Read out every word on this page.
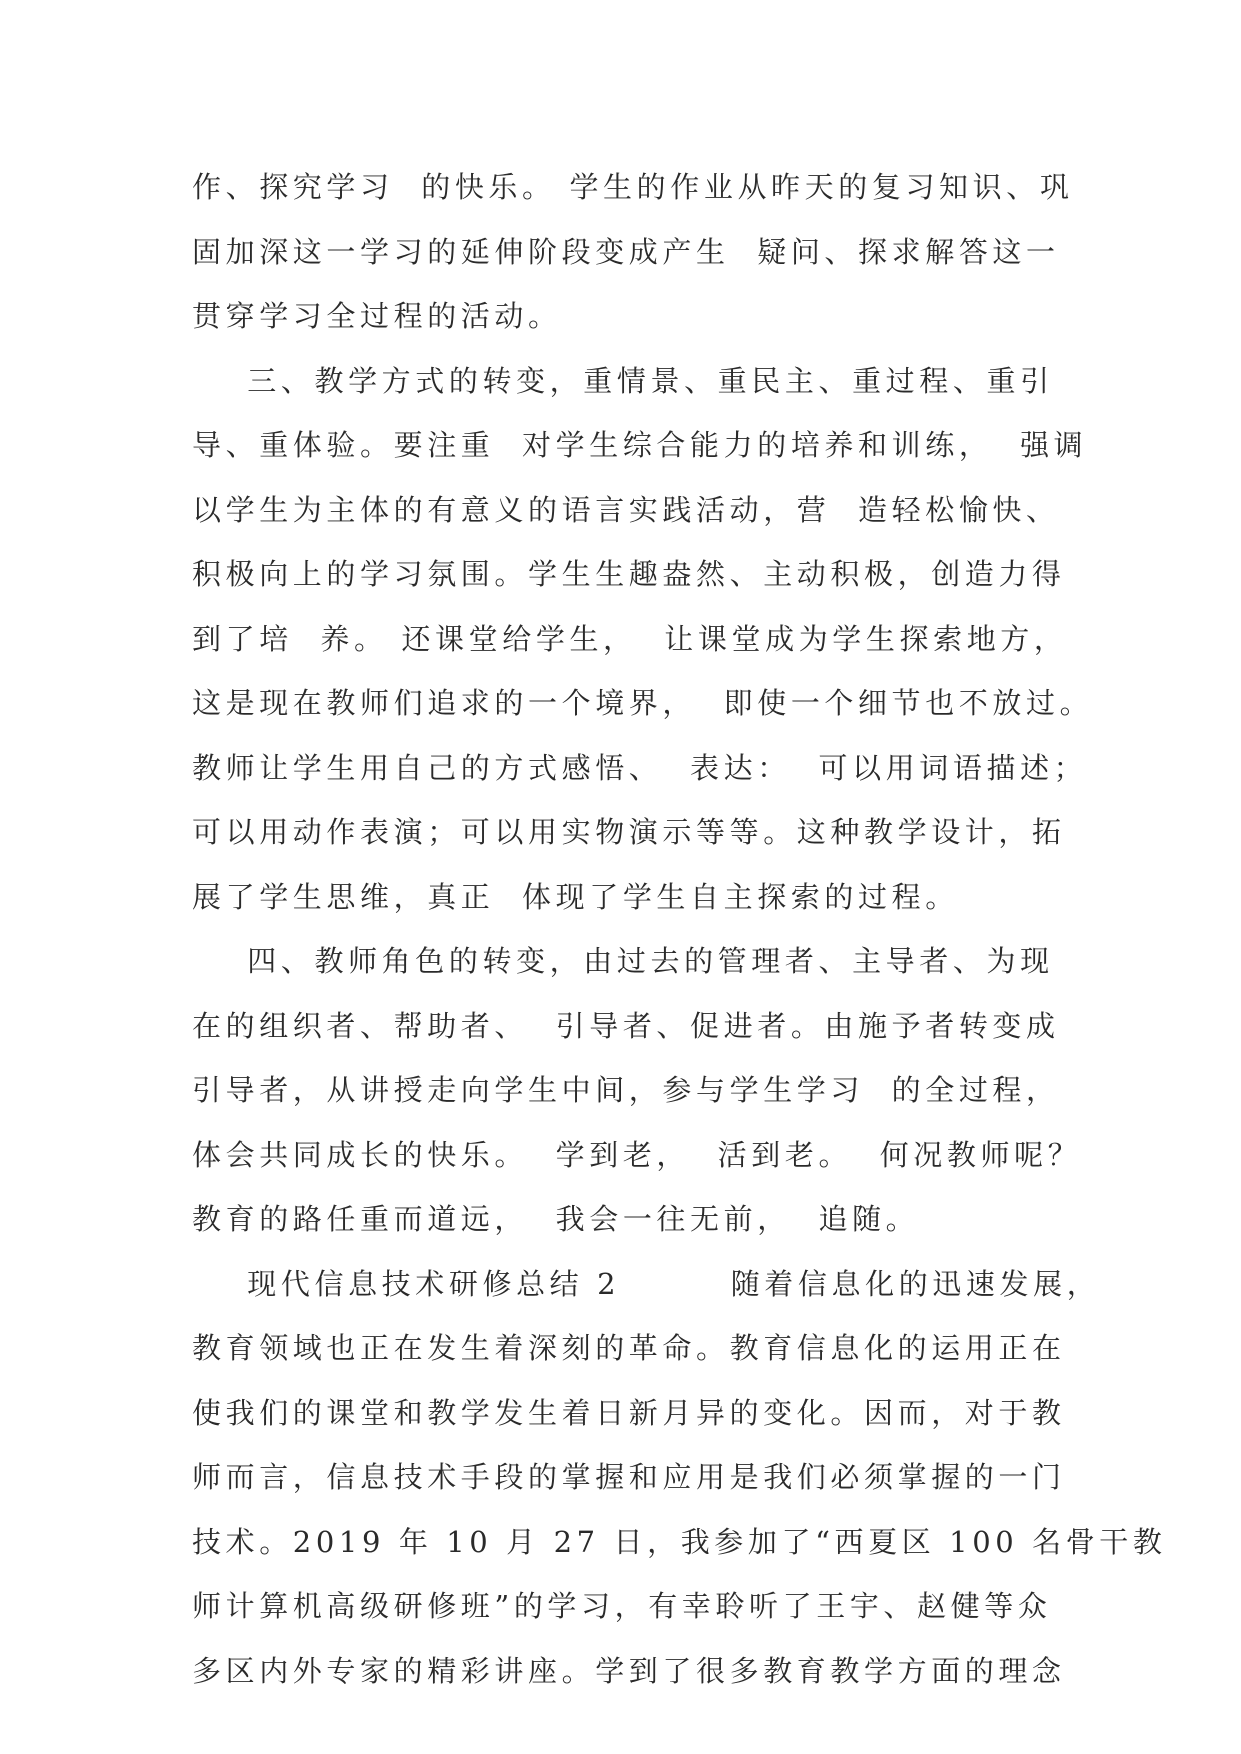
作、探究学习  的快乐。 学生的作业从昨天的复习知识、巩
固加深这一学习的延伸阶段变成产生  疑问、探求解答这一
贯穿学习全过程的活动。
三、教学方式的转变，重情景、重民主、重过程、重引
导、重体验。要注重  对学生综合能力的培养和训练，  强调
以学生为主体的有意义的语言实践活动，营  造轻松愉快、
积极向上的学习氛围。学生生趣盎然、主动积极，创造力得
到了培  养。 还课堂给学生，  让课堂成为学生探索地方，
这是现在教师们追求的一个境界，  即使一个细节也不放过。
教师让学生用自己的方式感悟、  表达：  可以用词语描述；
可以用动作表演；可以用实物演示等等。这种教学设计，拓
展了学生思维，真正  体现了学生自主探索的过程。
四、教师角色的转变，由过去的管理者、主导者、为现
在的组织者、帮助者、  引导者、促进者。由施予者转变成
引导者，从讲授走向学生中间，参与学生学习  的全过程，
体会共同成长的快乐。  学到老，  活到老。  何况教师呢？
教育的路任重而道远，  我会一往无前，  追随。
现代信息技术研修总结 2        随着信息化的迅速发展，
教育领域也正在发生着深刻的革命。教育信息化的运用正在
使我们的课堂和教学发生着日新月异的变化。因而，对于教
师而言，信息技术手段的掌握和应用是我们必须掌握的一门
技术。2019 年 10 月 27 日，我参加了“西夏区 100 名骨干教
师计算机高级研修班”的学习，有幸聆听了王宇、赵健等众
多区内外专家的精彩讲座。学到了很多教育教学方面的理念
